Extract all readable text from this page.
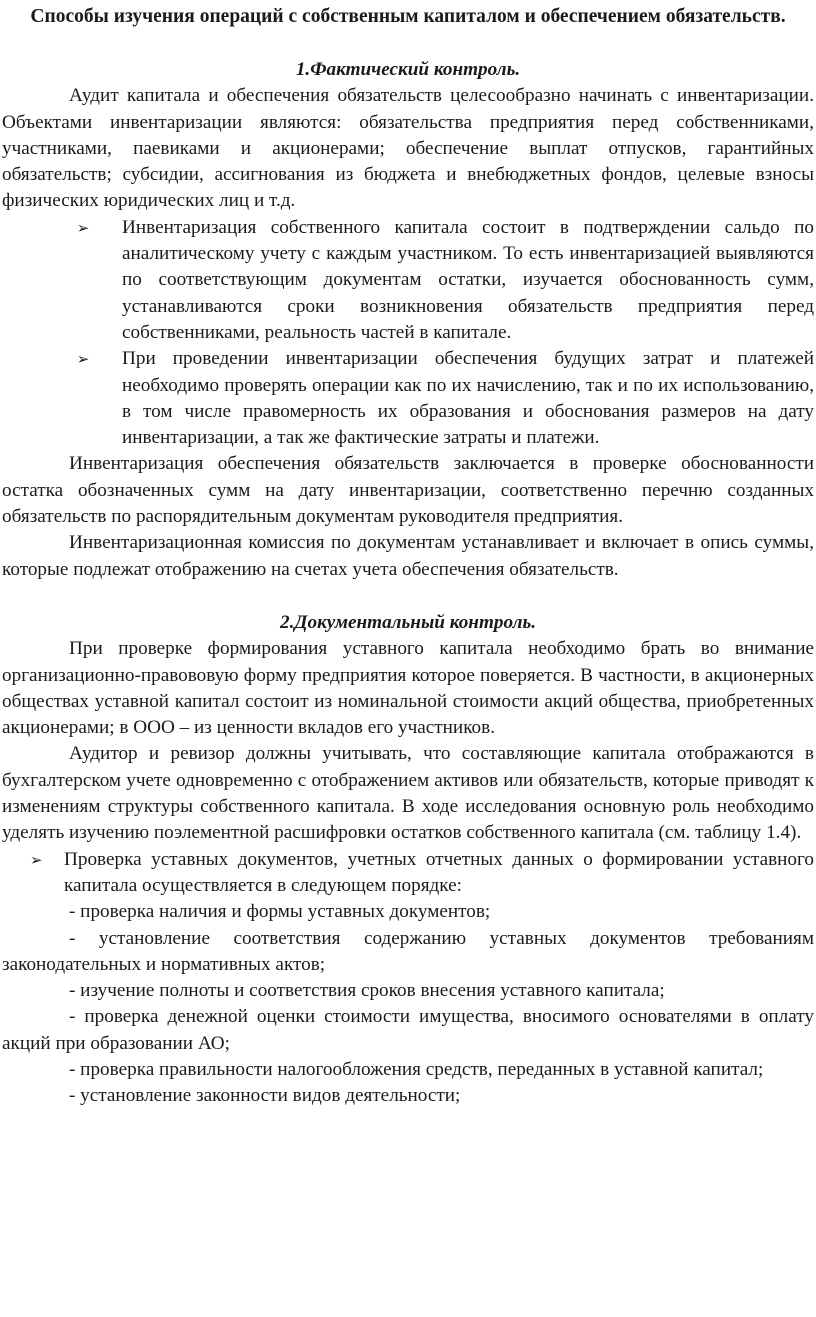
Способы изучения операций с собственным капиталом и обеспечением обязательств.

1.Фактический контроль.

Аудит капитала и обеспечения обязательств целесообразно начинать с инвентаризации. Объектами инвентаризации являются: обязательства предприятия перед собственниками, участниками, паевиками и акционерами; обеспечение выплат отпусков, гарантийных обязательств; субсидии, ассигнования из бюджета и внебюджетных фондов, целевые взносы физических юридических лиц и т.д.

➢ Инвентаризация собственного капитала состоит в подтверждении сальдо по аналитическому учету с каждым участником. То есть инвентаризацией выявляются по соответствующим документам остатки, изучается обоснованность сумм, устанавливаются сроки возникновения обязательств предприятия перед собственниками, реальность частей в капитале.

➢ При проведении инвентаризации обеспечения будущих затрат и платежей необходимо проверять операции как по их начислению, так и по их использованию, в том числе правомерность их образования и обоснования размеров на дату инвентаризации, а так же фактические затраты и платежи.

Инвентаризация обеспечения обязательств заключается в проверке обоснованности остатка обозначенных сумм на дату инвентаризации, соответственно перечню созданных обязательств по распорядительным документам руководителя предприятия.

Инвентаризационная комиссия по документам устанавливает и включает в опись суммы, которые подлежат отображению на счетах учета обеспечения обязательств.

2.Документальный контроль.

При проверке формирования уставного капитала необходимо брать во внимание организационно-правововую форму предприятия которое поверяется. В частности, в акционерных обществах уставной капитал состоит из номинальной стоимости акций общества, приобретенных акционерами; в ООО – из ценности вкладов его участников.

Аудитор и ревизор должны учитывать, что составляющие капитала отображаются в бухгалтерском учете одновременно с отображением активов или обязательств, которые приводят к изменениям структуры собственного капитала. В ходе исследования основную роль необходимо уделять изучению поэлементной расшифровки остатков собственного капитала (см. таблицу 1.4).

➢ Проверка уставных документов, учетных отчетных данных о формировании уставного капитала осуществляется в следующем порядке:

- проверка наличия и формы уставных документов;

- установление соответствия содержанию уставных документов требованиям законодательных и нормативных актов;

- изучение полноты и соответствия сроков внесения уставного капитала;

- проверка денежной оценки стоимости имущества, вносимого основателями в оплату акций при образовании АО;

- проверка правильности налогообложения средств, переданных в уставной капитал;

- установление законности видов деятельности;
